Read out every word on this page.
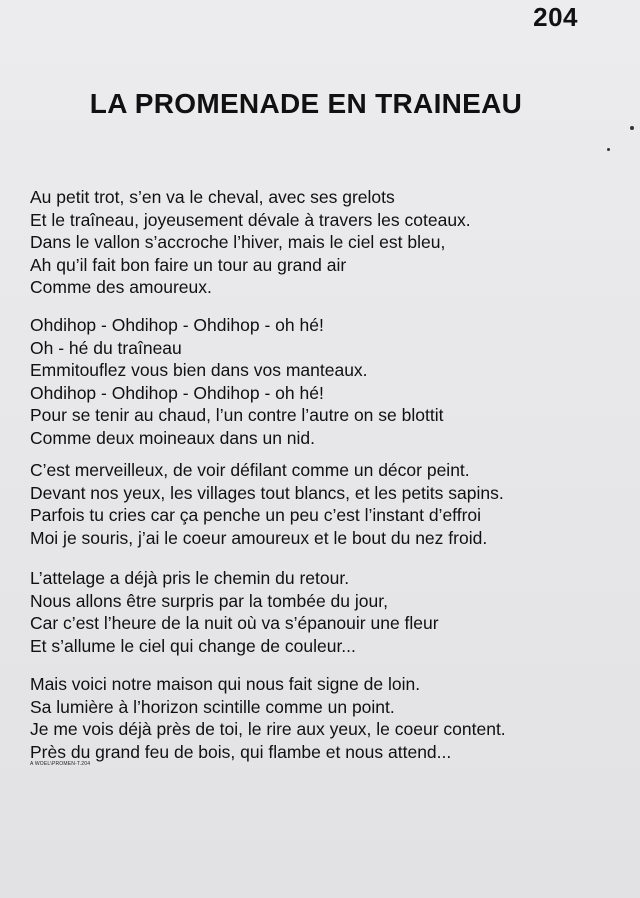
204
LA PROMENADE EN TRAINEAU
Au petit trot, s’en va le cheval, avec ses grelots
Et le traîneau, joyeusement dévale à travers les coteaux.
Dans le vallon s’accroche l’hiver, mais le ciel est bleu,
Ah qu’il fait bon faire un tour au grand air
Comme des amoureux.
Ohdihop - Ohdihop - Ohdihop - oh hé!
Oh - hé du traîneau
Emmitouflez vous bien dans vos manteaux.
Ohdihop - Ohdihop - Ohdihop - oh hé!
Pour se tenir au chaud, l’un contre l’autre on se blottit
Comme deux moineaux dans un nid.
C’est merveilleux, de voir défilant comme un décor peint.
Devant nos yeux, les villages tout blancs, et les petits sapins.
Parfois tu cries car ça penche un peu c’est l’instant d’effroi
Moi je souris, j’ai le coeur amoureux et le bout du nez froid.
L’attelage a déjà pris le chemin du retour.
Nous allons être surpris par la tombée du jour,
Car c’est l’heure de la nuit où va s’épanouir une fleur
Et s’allume le ciel qui change de couleur...
Mais voici notre maison qui nous fait signe de loin.
Sa lumière à l’horizon scintille comme un point.
Je me vois déjà près de toi, le rire aux yeux, le coeur content.
Près du grand feu de bois, qui flambe et nous attend...
A WOEL\PROMEN-T.204
